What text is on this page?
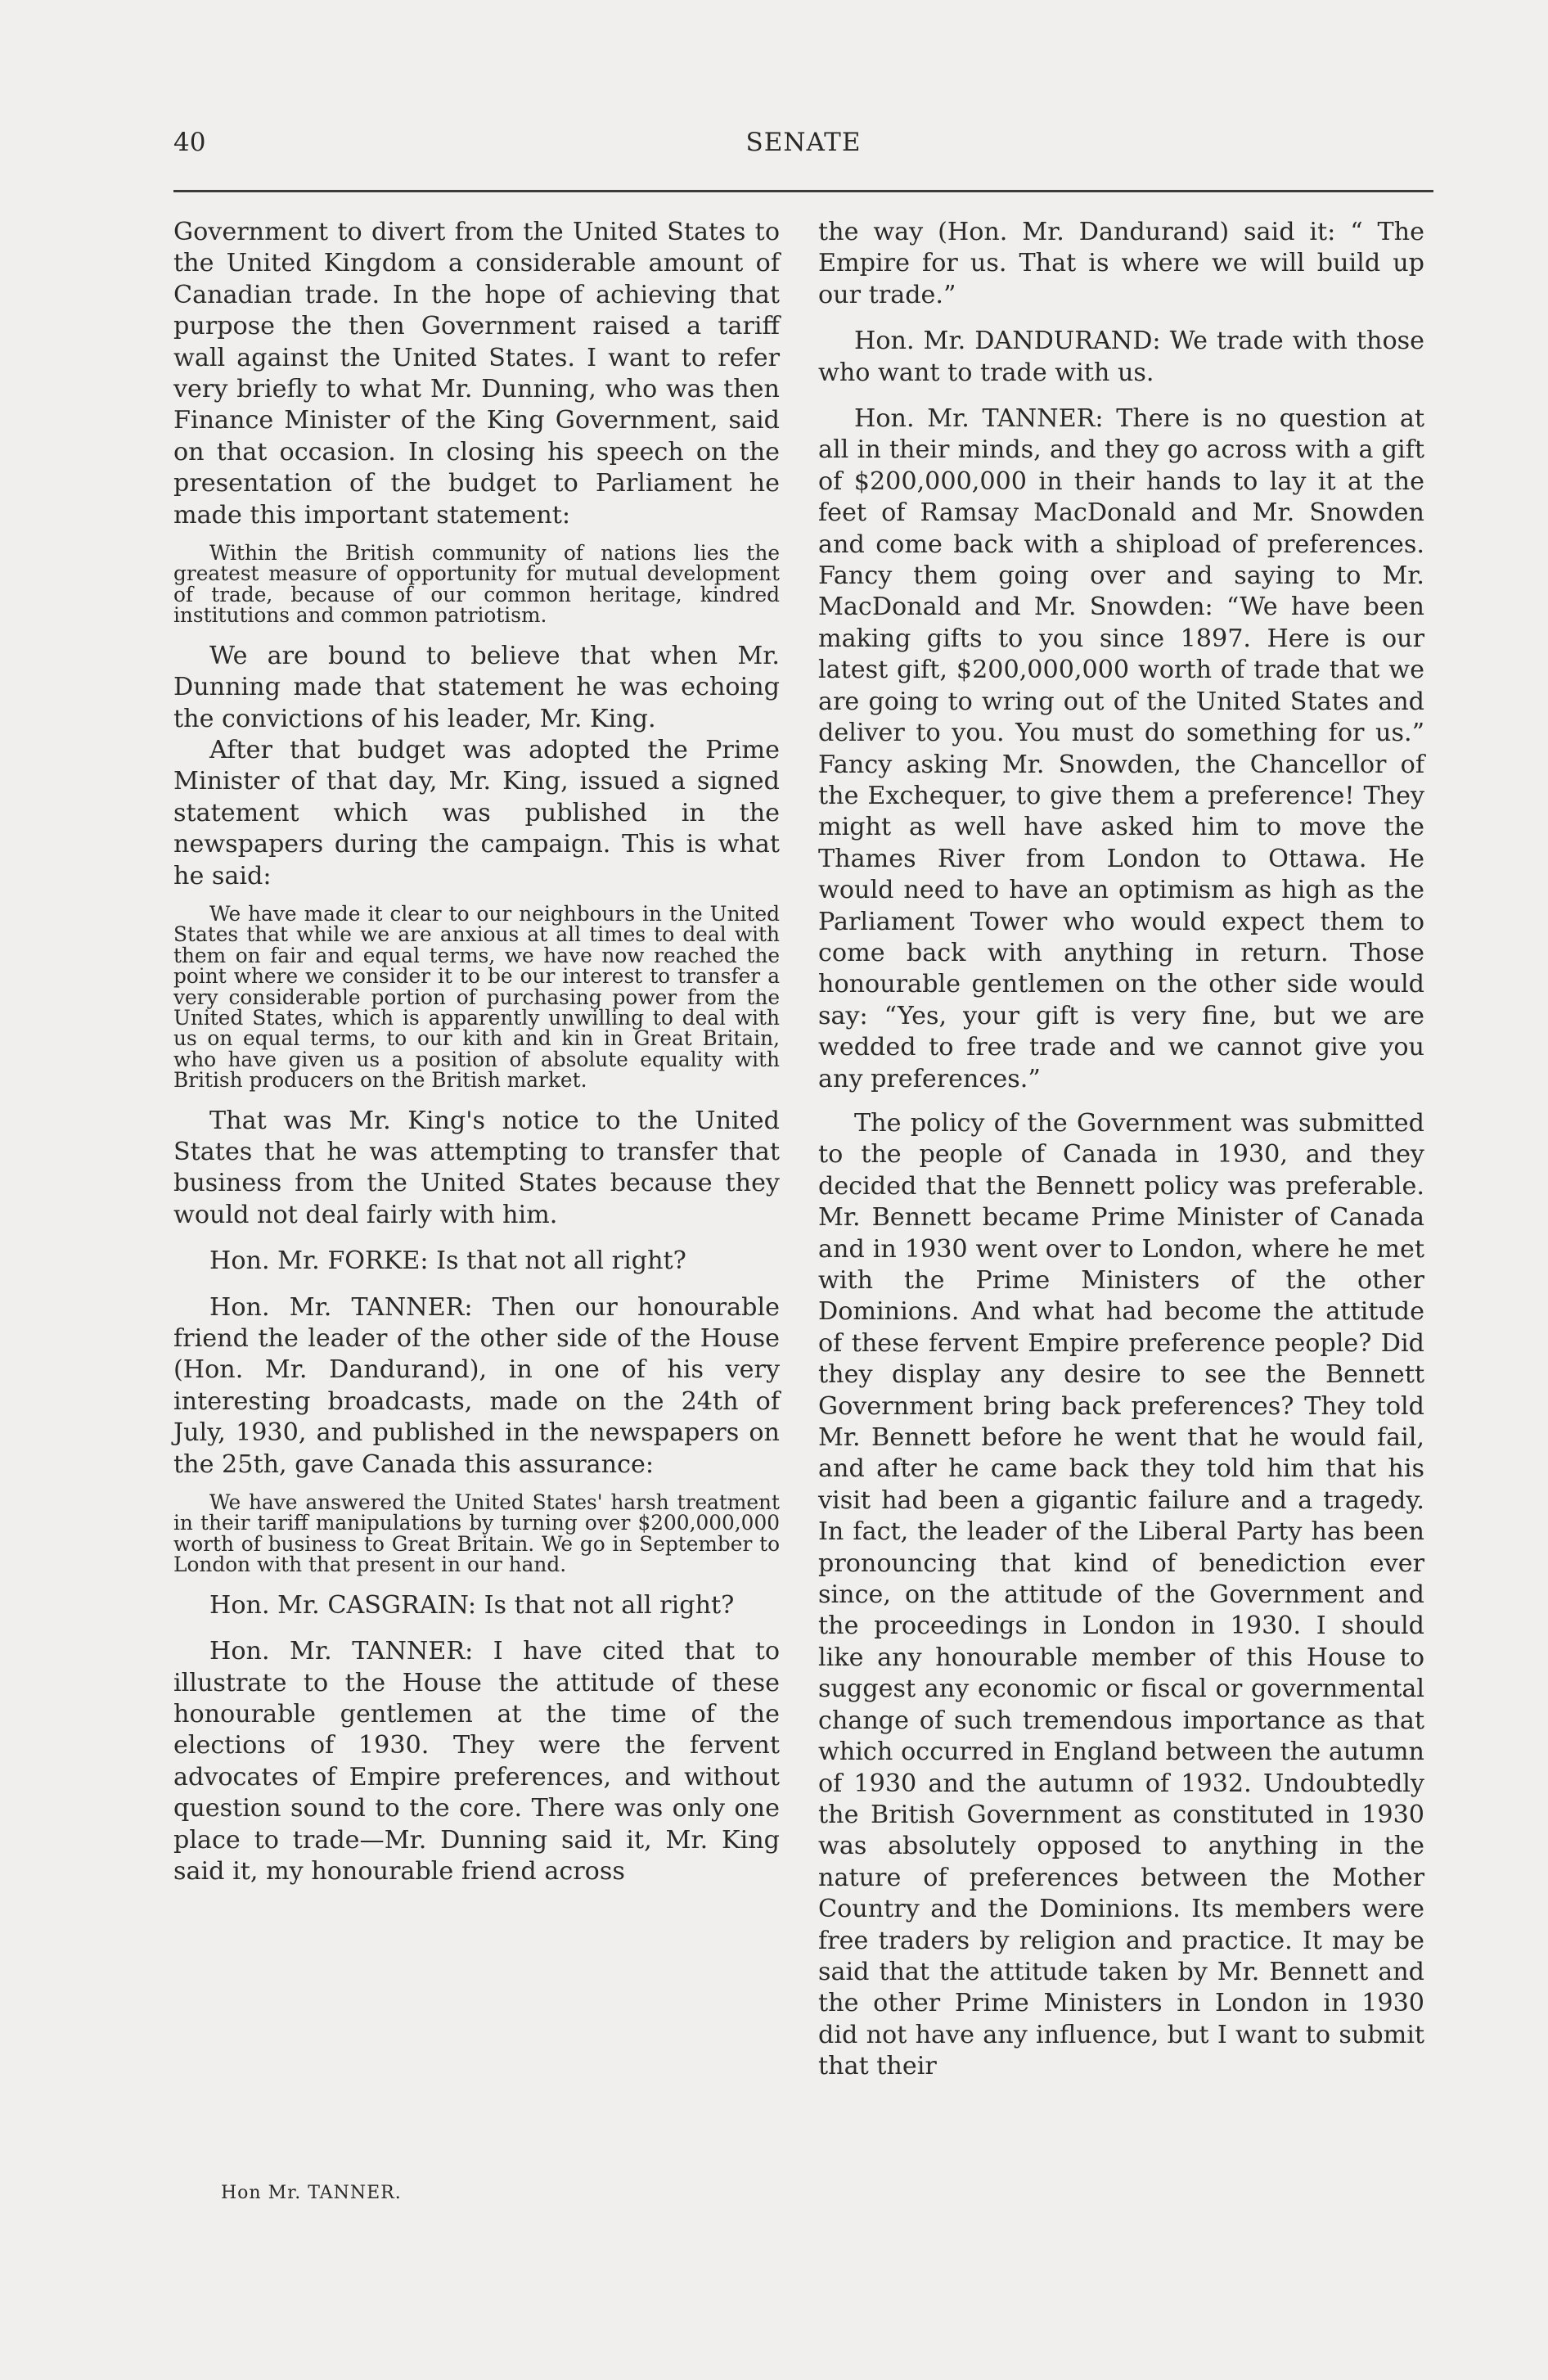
40	SENATE

Government to divert from the United States to the United Kingdom a considerable amount of Canadian trade. In the hope of achieving that purpose the then Government raised a tariff wall against the United States. I want to refer very briefly to what Mr. Dunning, who was then Finance Minister of the King Government, said on that occasion. In closing his speech on the presentation of the budget to Parliament he made this important statement:

Within the British community of nations lies the greatest measure of opportunity for mutual development of trade, because of our common heritage, kindred institutions and common patriotism.

We are bound to believe that when Mr. Dunning made that statement he was echoing the convictions of his leader, Mr. King.

After that budget was adopted the Prime Minister of that day, Mr. King, issued a signed statement which was published in the newspapers during the campaign. This is what he said:

We have made it clear to our neighbours in the United States that while we are anxious at all times to deal with them on fair and equal terms, we have now reached the point where we consider it to be our interest to transfer a very considerable portion of purchasing power from the United States, which is apparently unwilling to deal with us on equal terms, to our kith and kin in Great Britain, who have given us a position of absolute equality with British producers on the British market.

That was Mr. King's notice to the United States that he was attempting to transfer that business from the United States because they would not deal fairly with him.

Hon. Mr. FORKE: Is that not all right?

Hon. Mr. TANNER: Then our honourable friend the leader of the other side of the House (Hon. Mr. Dandurand), in one of his very interesting broadcasts, made on the 24th of July, 1930, and published in the newspapers on the 25th, gave Canada this assurance:

We have answered the United States' harsh treatment in their tariff manipulations by turning over $200,000,000 worth of business to Great Britain. We go in September to London with that present in our hand.

Hon. Mr. CASGRAIN: Is that not all right?

Hon. Mr. TANNER: I have cited that to illustrate to the House the attitude of these honourable gentlemen at the time of the elections of 1930. They were the fervent advocates of Empire preferences, and without question sound to the core. There was only one place to trade—Mr. Dunning said it, Mr. King said it, my honourable friend across

the way (Hon. Mr. Dandurand) said it: “ The Empire for us. That is where we will build up our trade.”

Hon. Mr. DANDURAND: We trade with those who want to trade with us.

Hon. Mr. TANNER: There is no question at all in their minds, and they go across with a gift of $200,000,000 in their hands to lay it at the feet of Ramsay MacDonald and Mr. Snowden and come back with a shipload of preferences. Fancy them going over and saying to Mr. MacDonald and Mr. Snowden: “We have been making gifts to you since 1897. Here is our latest gift, $200,000,000 worth of trade that we are going to wring out of the United States and deliver to you. You must do something for us.” Fancy asking Mr. Snowden, the Chancellor of the Exchequer, to give them a preference! They might as well have asked him to move the Thames River from London to Ottawa. He would need to have an optimism as high as the Parliament Tower who would expect them to come back with anything in return. Those honourable gentlemen on the other side would say: “Yes, your gift is very fine, but we are wedded to free trade and we cannot give you any preferences.”

The policy of the Government was submitted to the people of Canada in 1930, and they decided that the Bennett policy was preferable. Mr. Bennett became Prime Minister of Canada and in 1930 went over to London, where he met with the Prime Ministers of the other Dominions. And what had become the attitude of these fervent Empire preference people? Did they display any desire to see the Bennett Government bring back preferences? They told Mr. Bennett before he went that he would fail, and after he came back they told him that his visit had been a gigantic failure and a tragedy. In fact, the leader of the Liberal Party has been pronouncing that kind of benediction ever since, on the attitude of the Government and the proceedings in London in 1930. I should like any honourable member of this House to suggest any economic or fiscal or governmental change of such tremendous importance as that which occurred in England between the autumn of 1930 and the autumn of 1932. Undoubtedly the British Government as constituted in 1930 was absolutely opposed to anything in the nature of preferences between the Mother Country and the Dominions. Its members were free traders by religion and practice. It may be said that the attitude taken by Mr. Bennett and the other Prime Ministers in London in 1930 did not have any influence, but I want to submit that their

Hon Mr. TANNER.
